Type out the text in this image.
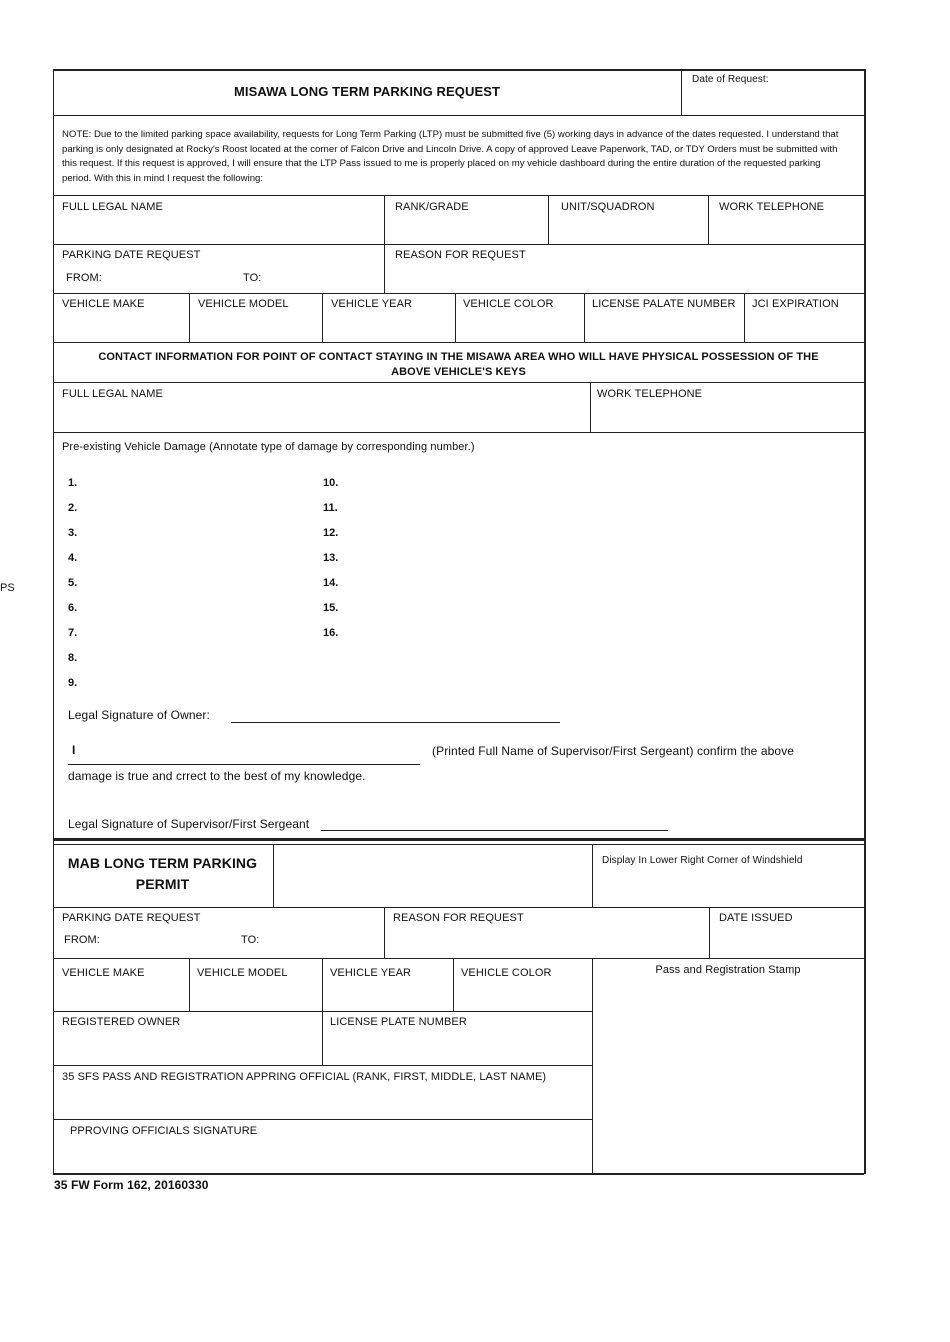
PS
MISAWA LONG TERM PARKING REQUEST
Date of Request:
NOTE: Due to the limited parking space availability, requests for Long Term Parking (LTP) must be submitted five (5) working days in advance of the dates requested. I understand that parking is only designated at Rocky's Roost located at the corner of Falcon Drive and Lincoln Drive. A copy of approved Leave Paperwork, TAD, or TDY Orders must be submitted with this request. If this request is approved, I will ensure that the LTP Pass issued to me is properly placed on my vehicle dashboard during the entire duration of the requested parking period. With this in mind I request the following:
FULL LEGAL NAME	RANK/GRADE	UNIT/SQUADRON	WORK TELEPHONE
PARKING DATE REQUEST
FROM:	TO:
REASON FOR REQUEST
VEHICLE MAKE	VEHICLE MODEL	VEHICLE YEAR	VEHICLE COLOR	LICENSE PALATE NUMBER JCI EXPIRATION
CONTACT INFORMATION FOR POINT OF CONTACT STAYING IN THE MISAWA AREA WHO WILL HAVE PHYSICAL POSSESSION OF THE
ABOVE VEHICLE'S KEYS
FULL LEGAL NAME	WORK TELEPHONE
Pre-existing Vehicle Damage (Annotate type of damage by corresponding number.)
1.
2.
3.
4.
5.
6.
7.
8.
9.
10.
11.
12.
13.
14.
15.
16.
Legal Signature of Owner:
I	(Printed Full Name of Supervisor/First Sergeant) confirm the above
damage is true and crrect to the best of my knowledge.
Legal Signature of Supervisor/First Sergeant
MAB LONG TERM PARKING
PERMIT
Display In Lower Right Corner of Windshield
PARKING DATE REQUEST
FROM:	TO:
REASON FOR REQUEST	DATE ISSUED
VEHICLE MAKE	VEHICLE MODEL	VEHICLE YEAR	VEHICLE COLOR	Pass and Registration Stamp
REGISTERED OWNER	LICENSE PLATE NUMBER
35 SFS PASS AND REGISTRATION APPRING OFFICIAL (RANK, FIRST, MIDDLE, LAST NAME)
PPROVING OFFICIALS SIGNATURE
35 FW Form 162, 20160330
